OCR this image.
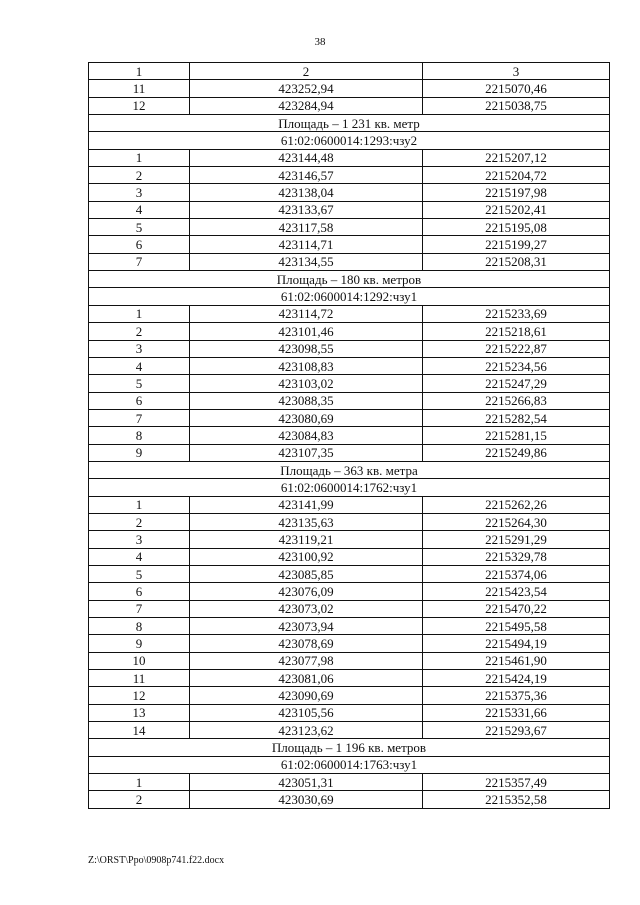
38
1	2	3
11	423252,94	2215070,46
12	423284,94	2215038,75
Площадь – 1 231 кв. метр		
61:02:0600014:1293:чзу2		
1	423144,48	2215207,12
2	423146,57	2215204,72
3	423138,04	2215197,98
4	423133,67	2215202,41
5	423117,58	2215195,08
6	423114,71	2215199,27
7	423134,55	2215208,31
Площадь – 180 кв. метров		
61:02:0600014:1292:чзу1		
1	423114,72	2215233,69
2	423101,46	2215218,61
3	423098,55	2215222,87
4	423108,83	2215234,56
5	423103,02	2215247,29
6	423088,35	2215266,83
7	423080,69	2215282,54
8	423084,83	2215281,15
9	423107,35	2215249,86
Площадь – 363 кв. метра		
61:02:0600014:1762:чзу1		
1	423141,99	2215262,26
2	423135,63	2215264,30
3	423119,21	2215291,29
4	423100,92	2215329,78
5	423085,85	2215374,06
6	423076,09	2215423,54
7	423073,02	2215470,22
8	423073,94	2215495,58
9	423078,69	2215494,19
10	423077,98	2215461,90
11	423081,06	2215424,19
12	423090,69	2215375,36
13	423105,56	2215331,66
14	423123,62	2215293,67
Площадь – 1 196 кв. метров		
61:02:0600014:1763:чзу1		
1	423051,31	2215357,49
2	423030,69	2215352,58
Z:\ORST\Ppo\0908p741.f22.docx
